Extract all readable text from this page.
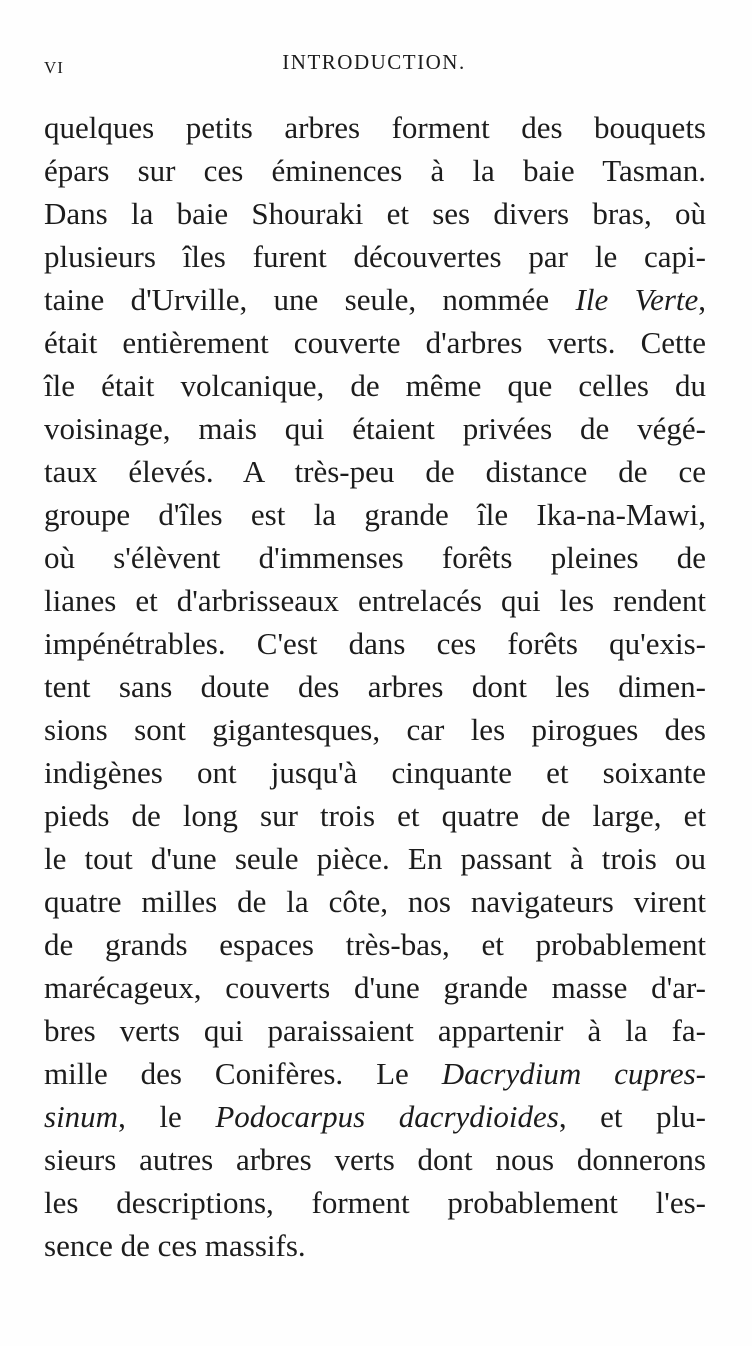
VI	INTRODUCTION.
quelques petits arbres forment des bouquets
épars sur ces éminences à la baie Tasman.
Dans la baie Shouraki et ses divers bras, où
plusieurs îles furent découvertes par le capi-
taine d'Urville, une seule, nommée Ile Verte,
était entièrement couverte d'arbres verts. Cette
île était volcanique, de même que celles du
voisinage, mais qui étaient privées de végé-
taux élevés. A très-peu de distance de ce
groupe d'îles est la grande île Ika-na-Mawi,
où s'élèvent d'immenses forêts pleines de
lianes et d'arbrisseaux entrelacés qui les rendent
impénétrables. C'est dans ces forêts qu'exis-
tent sans doute des arbres dont les dimen-
sions sont gigantesques, car les pirogues des
indigènes ont jusqu'à cinquante et soixante
pieds de long sur trois et quatre de large, et
le tout d'une seule pièce. En passant à trois ou
quatre milles de la côte, nos navigateurs virent
de grands espaces très-bas, et probablement
marécageux, couverts d'une grande masse d'ar-
bres verts qui paraissaient appartenir à la fa-
mille des Conifères. Le Dacrydium cupres-
sinum, le Podocarpus dacrydioides, et plu-
sieurs autres arbres verts dont nous donnerons
les descriptions, forment probablement l'es-
sence de ces massifs.
